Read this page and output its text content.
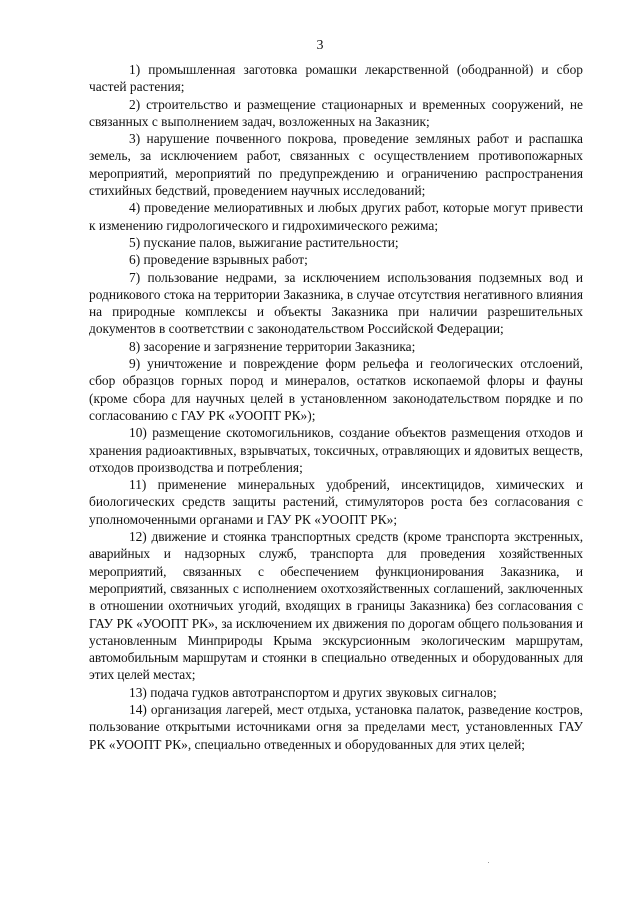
3

1) промышленная заготовка ромашки лекарственной (ободранной) и сбор частей растения;

2) строительство и размещение стационарных и временных сооружений, не связанных с выполнением задач, возложенных на Заказник;

3) нарушение почвенного покрова, проведение земляных работ и распашка земель, за исключением работ, связанных с осуществлением противопожарных мероприятий, мероприятий по предупреждению и ограничению распространения стихийных бедствий, проведением научных исследований;

4) проведение мелиоративных и любых других работ, которые могут привести к изменению гидрологического и гидрохимического режима;

5) пускание палов, выжигание растительности;

6) проведение взрывных работ;

7) пользование недрами, за исключением использования подземных вод и родникового стока на территории Заказника, в случае отсутствия негативного влияния на природные комплексы и объекты Заказника при наличии разрешительных документов в соответствии с законодательством Российской Федерации;

8) засорение и загрязнение территории Заказника;

9) уничтожение и повреждение форм рельефа и геологических отслоений, сбор образцов горных пород и минералов, остатков ископаемой флоры и фауны (кроме сбора для научных целей в установленном законодательством порядке и по согласованию с ГАУ РК «УООПТ РК»);

10) размещение скотомогильников, создание объектов размещения отходов и хранения радиоактивных, взрывчатых, токсичных, отравляющих и ядовитых веществ, отходов производства и потребления;

11) применение минеральных удобрений, инсектицидов, химических и биологических средств защиты растений, стимуляторов роста без согласования с уполномоченными органами и ГАУ РК «УООПТ РК»;

12) движение и стоянка транспортных средств (кроме транспорта экстренных, аварийных и надзорных служб, транспорта для проведения хозяйственных мероприятий, связанных с обеспечением функционирования Заказника, и мероприятий, связанных с исполнением охотхозяйственных соглашений, заключенных в отношении охотничьих угодий, входящих в границы Заказника) без согласования с ГАУ РК «УООПТ РК», за исключением их движения по дорогам общего пользования и установленным Минприроды Крыма экскурсионным экологическим маршрутам, автомобильным маршрутам и стоянки в специально отведенных и оборудованных для этих целей местах;

13) подача гудков автотранспортом и других звуковых сигналов;

14) организация лагерей, мест отдыха, установка палаток, разведение костров, пользование открытыми источниками огня за пределами мест, установленных ГАУ РК «УООПТ РК», специально отведенных и оборудованных для этих целей;
